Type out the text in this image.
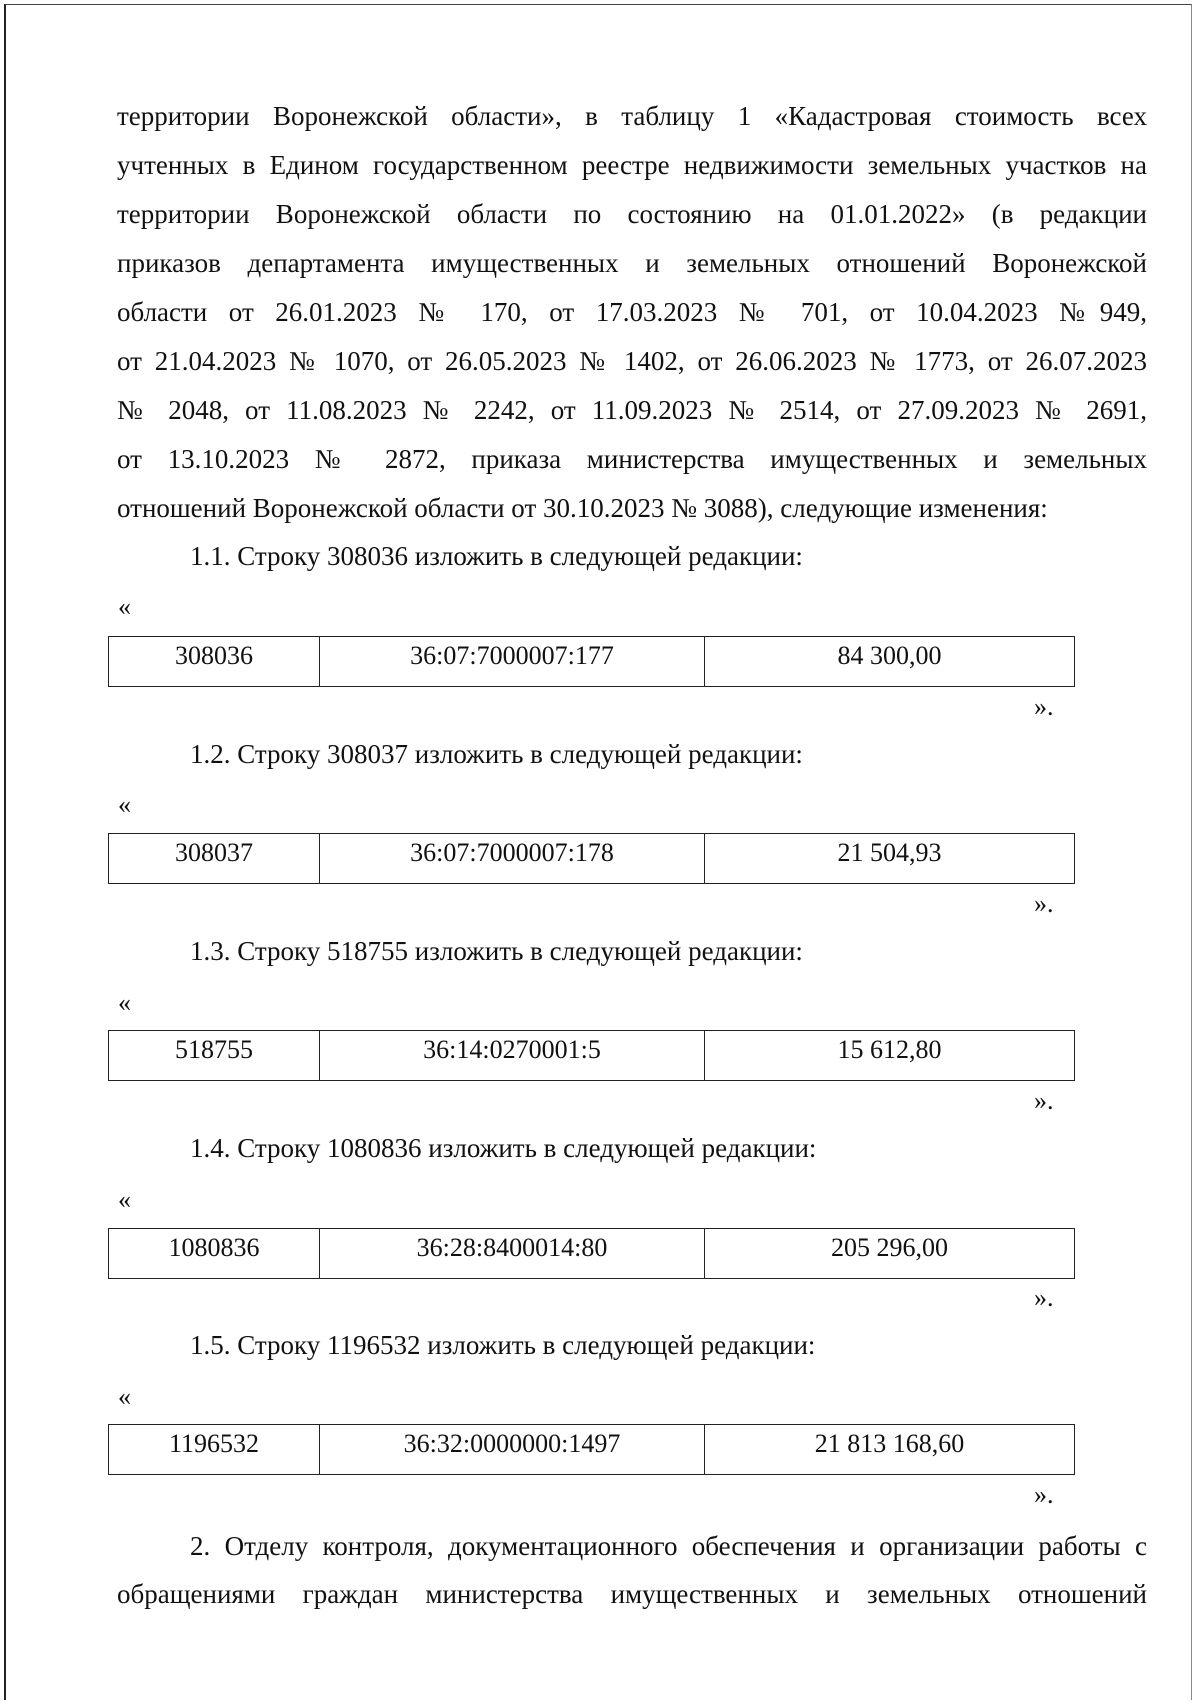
территории Воронежской области», в таблицу 1 «Кадастровая стоимость всех
учтенных в Едином государственном реестре недвижимости земельных участков на
территории Воронежской области по состоянию на 01.01.2022» (в редакции
приказов департамента имущественных и земельных отношений Воронежской
области от 26.01.2023 № 170, от 17.03.2023 № 701, от 10.04.2023 №949,
от 21.04.2023 № 1070, от 26.05.2023 № 1402, от 26.06.2023 № 1773, от 26.07.2023
№ 2048, от 11.08.2023 № 2242, от 11.09.2023 № 2514, от 27.09.2023 № 2691,
от 13.10.2023 № 2872, приказа министерства имущественных и земельных
отношений Воронежской области от 30.10.2023 № 3088), следующие изменения:
1.1. Строку 308036 изложить в следующей редакции:
«
308036	36:07:7000007:177	84 300,00
».
1.2. Строку 308037 изложить в следующей редакции:
«
308037	36:07:7000007:178	21 504,93
».
1.3. Строку 518755 изложить в следующей редакции:
«
518755	36:14:0270001:5	15 612,80
».
1.4. Строку 1080836 изложить в следующей редакции:
«
1080836	36:28:8400014:80	205 296,00
».
1.5. Строку 1196532 изложить в следующей редакции:
«
1196532	36:32:0000000:1497	21 813 168,60
».
2. Отделу контроля, документационного обеспечения и организации работы с
обращениями граждан министерства имущественных и земельных отношений
